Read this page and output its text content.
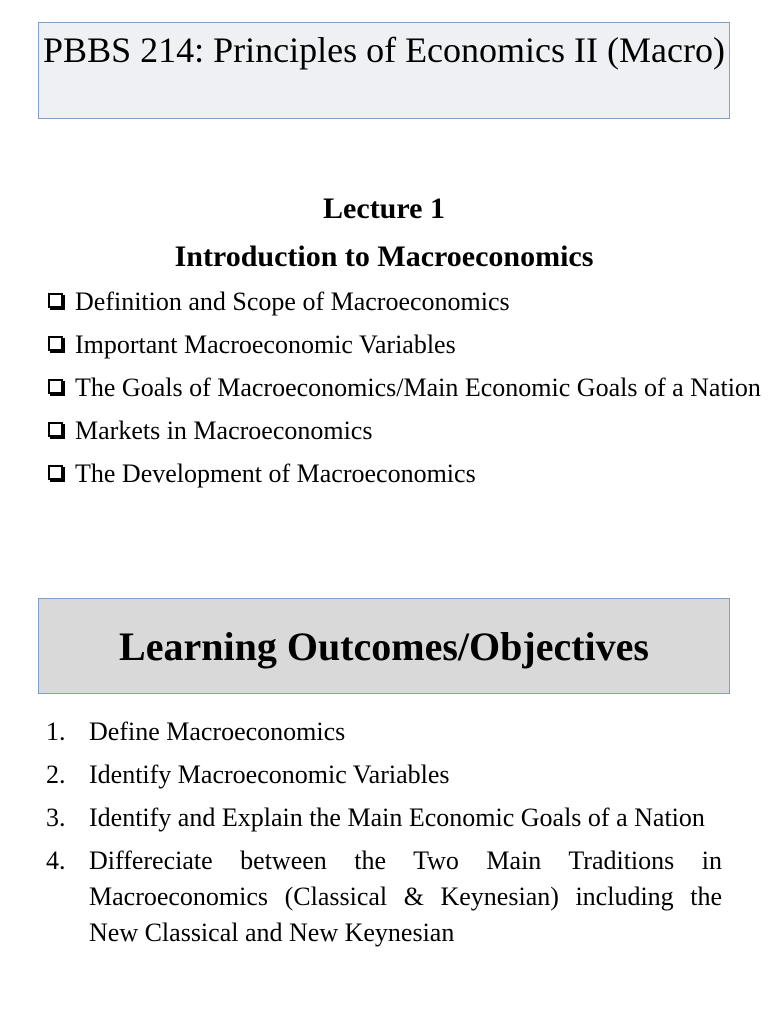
PBBS 214: Principles of Economics II (Macro)
Lecture 1
Introduction to Macroeconomics
Definition and Scope of Macroeconomics
Important Macroeconomic Variables
The Goals of Macroeconomics/Main Economic Goals of a Nation
Markets in Macroeconomics
The Development of Macroeconomics
Learning Outcomes/Objectives
1. Define Macroeconomics
2. Identify Macroeconomic Variables
3. Identify and Explain the Main Economic Goals of a Nation
4. Differeciate between the Two Main Traditions in Macroeconomics (Classical & Keynesian) including the New Classical and New Keynesian
